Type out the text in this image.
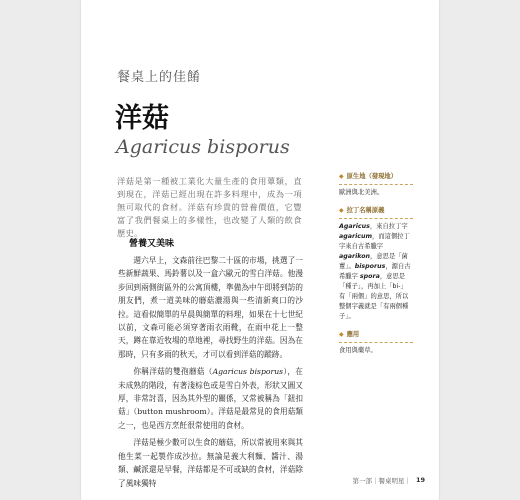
餐桌上的佳餚
洋菇
Agaricus bisporus
洋菇是第一種被工業化大量生產的食用蕈類，直到現在，洋菇已經出現在許多料理中，成為一項無可取代的食材。洋菇有珍貴的營養價值，它豐富了我們餐桌上的多樣性，也改變了人類的飲食歷史。
營養又美味

週六早上，文森前往巴黎二十區的市場，挑選了一些新鮮蔬果、馬鈴薯以及一盒六歐元的雪白洋菇。他漫步回到兩側街區外的公寓頂樓，準備為中午即將到訪的朋友們，煮一道美味的蘑菇濃湯與一些清新爽口的沙拉。這看似簡單的早晨與簡單的料理，如果在十七世紀以前，文森可能必須穿著雨衣雨靴，在雨中花上一整天，蹲在靠近牧場的草地裡，尋找野生的洋菇。因為在那時，只有多雨的秋天，才可以看到洋菇的蹤跡。

你稱洋菇的雙孢蘑菇（Agaricus bisporus），在未成熟的階段，有著淺棕色或是雪白外表，形狀又圓又厚，非常討喜，因為其外型的關係，又常被稱為「鈕扣菇」（button mushroom）。洋菇是最常見的食用菇類之一，也是西方烹飪很常使用的食材。

洋菇是極少數可以生食的蘑菇，所以常被用來與其他生菜一起製作成沙拉。無論是義大利麵、醬汁、湯類、鹹派還是早餐，洋菇都是不可或缺的食材，洋菇除了風味獨特

◆ 原生地（發現地）
歐洲與北美洲。
◆ 拉丁名稱原義
Agaricus，來自拉丁字 agaricum，而這個拉丁字來自古希臘字 agarikon，意思是「菌蕈」。bisporus，源自古希臘字 spora，意思是「種子」，再加上「bi-」有「兩個」的意思，所以整個字義就是「有兩個種子」。
◆ 應用
食用與藥草。
第一部｜餐桌明星｜ 19
